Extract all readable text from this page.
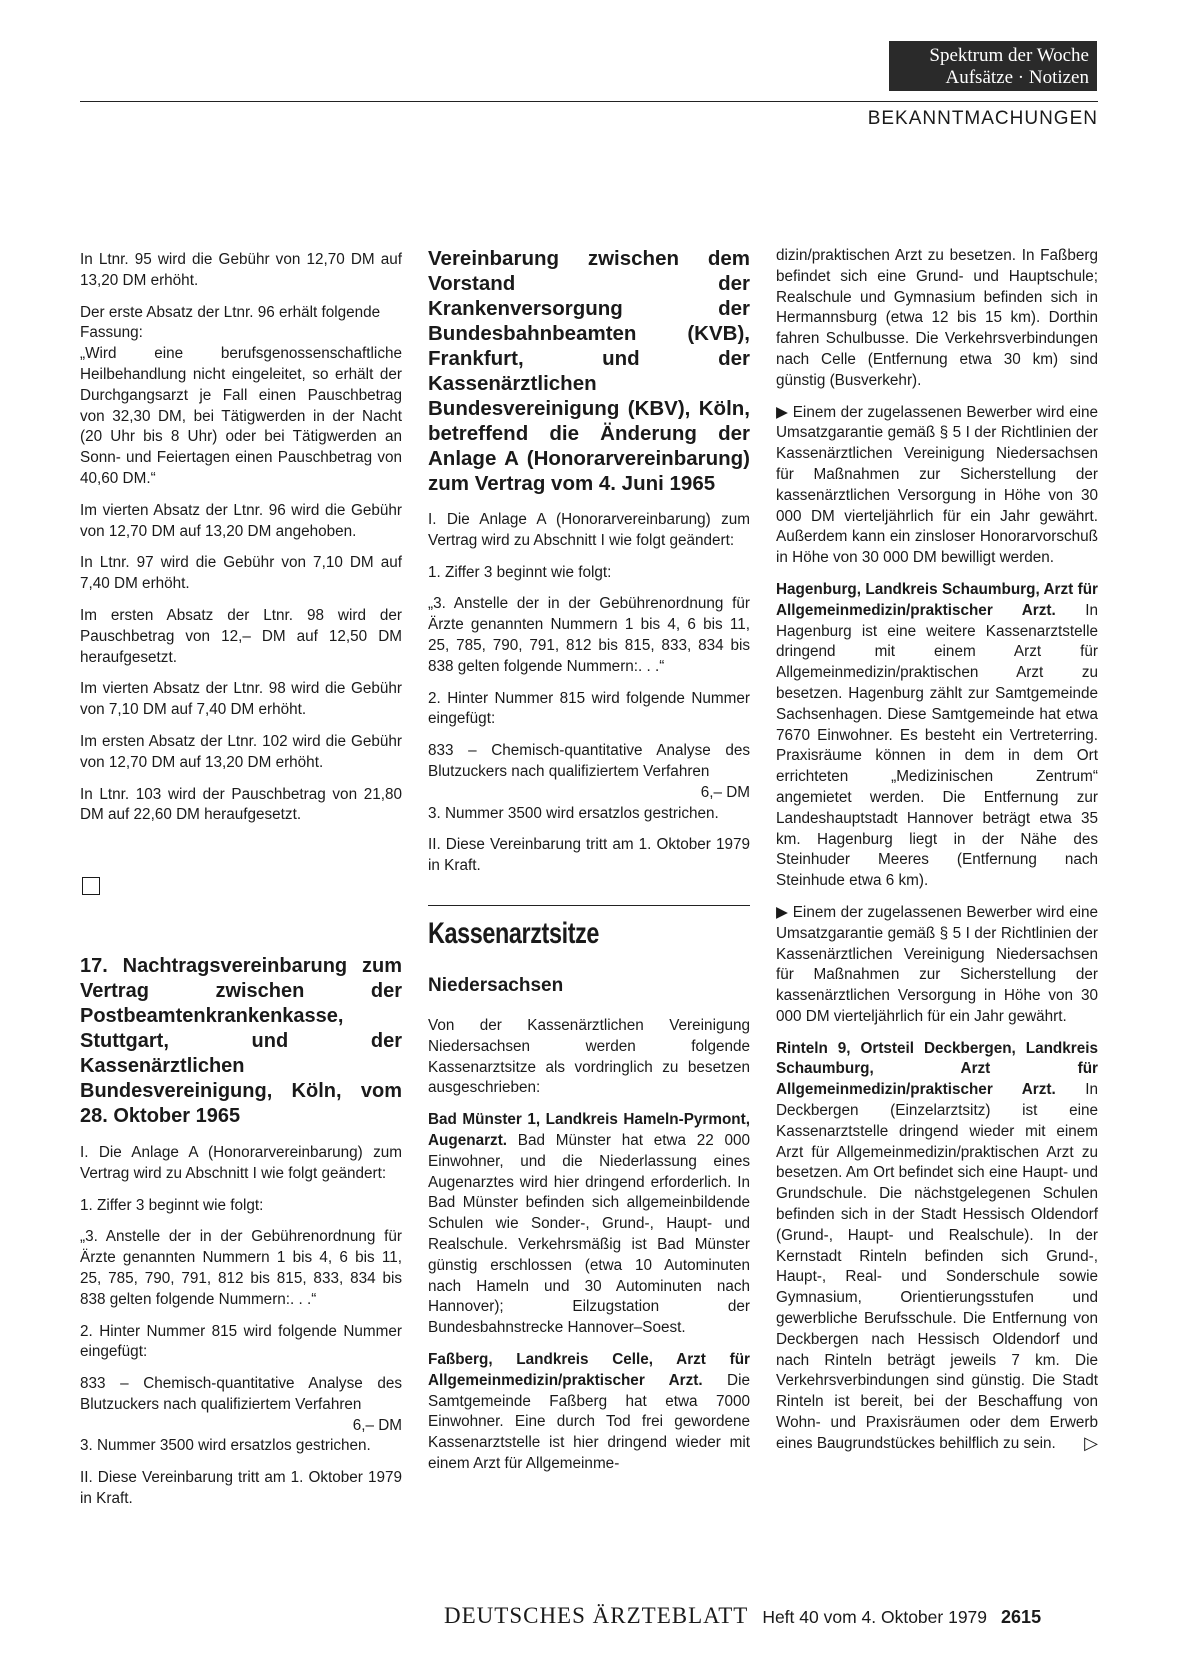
Spektrum der Woche
Aufsätze · Notizen
BEKANNTMACHUNGEN

In Ltnr. 95 wird die Gebühr von 12,70 DM auf 13,20 DM erhöht.

Der erste Absatz der Ltnr. 96 erhält folgende Fassung:

„Wird eine berufsgenossenschaftliche Heilbehandlung nicht eingeleitet, so erhält der Durchgangsarzt je Fall einen Pauschbetrag von 32,30 DM, bei Tätigwerden in der Nacht (20 Uhr bis 8 Uhr) oder bei Tätigwerden an Sonn- und Feiertagen einen Pauschbetrag von 40,60 DM.“

Im vierten Absatz der Ltnr. 96 wird die Gebühr von 12,70 DM auf 13,20 DM angehoben.

In Ltnr. 97 wird die Gebühr von 7,10 DM auf 7,40 DM erhöht.

Im ersten Absatz der Ltnr. 98 wird der Pauschbetrag von 12,– DM auf 12,50 DM heraufgesetzt.

Im vierten Absatz der Ltnr. 98 wird die Gebühr von 7,10 DM auf 7,40 DM erhöht.

Im ersten Absatz der Ltnr. 102 wird die Gebühr von 12,70 DM auf 13,20 DM erhöht.

In Ltnr. 103 wird der Pauschbetrag von 21,80 DM auf 22,60 DM heraufgesetzt.

17. Nachtragsvereinbarung zum Vertrag zwischen der Postbeamtenkrankenkasse, Stuttgart, und der Kassenärztlichen Bundesvereinigung, Köln, vom 28. Oktober 1965

I. Die Anlage A (Honorarvereinbarung) zum Vertrag wird zu Abschnitt I wie folgt geändert:

1. Ziffer 3 beginnt wie folgt:

„3. Anstelle der in der Gebührenordnung für Ärzte genannten Nummern 1 bis 4, 6 bis 11, 25, 785, 790, 791, 812 bis 815, 833, 834 bis 838 gelten folgende Nummern:. . .“

2. Hinter Nummer 815 wird folgende Nummer eingefügt:

833 – Chemisch-quantitative Analyse des Blutzuckers nach qualifiziertem Verfahren
6,– DM

3. Nummer 3500 wird ersatzlos gestrichen.

II. Diese Vereinbarung tritt am 1. Oktober 1979 in Kraft.

Vereinbarung zwischen dem Vorstand der Krankenversorgung der Bundesbahnbeamten (KVB), Frankfurt, und der Kassenärztlichen Bundesvereinigung (KBV), Köln, betreffend die Änderung der Anlage A (Honorarvereinbarung) zum Vertrag vom 4. Juni 1965

I. Die Anlage A (Honorarvereinbarung) zum Vertrag wird zu Abschnitt I wie folgt geändert:

1. Ziffer 3 beginnt wie folgt:

„3. Anstelle der in der Gebührenordnung für Ärzte genannten Nummern 1 bis 4, 6 bis 11, 25, 785, 790, 791, 812 bis 815, 833, 834 bis 838 gelten folgende Nummern:. . .“

2. Hinter Nummer 815 wird folgende Nummer eingefügt:

833 – Chemisch-quantitative Analyse des Blutzuckers nach qualifiziertem Verfahren
6,– DM

3. Nummer 3500 wird ersatzlos gestrichen.

II. Diese Vereinbarung tritt am 1. Oktober 1979 in Kraft.

Kassenarztsitze
Niedersachsen

Von der Kassenärztlichen Vereinigung Niedersachsen werden folgende Kassenarztsitze als vordringlich zu besetzen ausgeschrieben:

Bad Münster 1, Landkreis Hameln-Pyrmont, Augenarzt. Bad Münster hat etwa 22 000 Einwohner, und die Niederlassung eines Augenarztes wird hier dringend erforderlich. In Bad Münster befinden sich allgemeinbildende Schulen wie Sonder-, Grund-, Haupt- und Realschule. Verkehrsmäßig ist Bad Münster günstig erschlossen (etwa 10 Autominuten nach Hameln und 30 Autominuten nach Hannover); Eilzugstation der Bundesbahnstrecke Hannover–Soest.

Faßberg, Landkreis Celle, Arzt für Allgemeinmedizin/praktischer Arzt. Die Samtgemeinde Faßberg hat etwa 7000 Einwohner. Eine durch Tod frei gewordene Kassenarztstelle ist hier dringend wieder mit einem Arzt für Allgemeinme-

dizin/praktischen Arzt zu besetzen. In Faßberg befindet sich eine Grund- und Hauptschule; Realschule und Gymnasium befinden sich in Hermannsburg (etwa 12 bis 15 km). Dorthin fahren Schulbusse. Die Verkehrsverbindungen nach Celle (Entfernung etwa 30 km) sind günstig (Busverkehr).

▶ Einem der zugelassenen Bewerber wird eine Umsatzgarantie gemäß § 5 I der Richtlinien der Kassenärztlichen Vereinigung Niedersachsen für Maßnahmen zur Sicherstellung der kassenärztlichen Versorgung in Höhe von 30 000 DM vierteljährlich für ein Jahr gewährt. Außerdem kann ein zinsloser Honorarvorschuß in Höhe von 30 000 DM bewilligt werden.

Hagenburg, Landkreis Schaumburg, Arzt für Allgemeinmedizin/praktischer Arzt. In Hagenburg ist eine weitere Kassenarztstelle dringend mit einem Arzt für Allgemeinmedizin/praktischen Arzt zu besetzen. Hagenburg zählt zur Samtgemeinde Sachsenhagen. Diese Samtgemeinde hat etwa 7670 Einwohner. Es besteht ein Vertreterring. Praxisräume können in dem in dem Ort errichteten „Medizinischen Zentrum“ angemietet werden. Die Entfernung zur Landeshauptstadt Hannover beträgt etwa 35 km. Hagenburg liegt in der Nähe des Steinhuder Meeres (Entfernung nach Steinhude etwa 6 km).

▶ Einem der zugelassenen Bewerber wird eine Umsatzgarantie gemäß § 5 I der Richtlinien der Kassenärztlichen Vereinigung Niedersachsen für Maßnahmen zur Sicherstellung der kassenärztlichen Versorgung in Höhe von 30 000 DM vierteljährlich für ein Jahr gewährt.

Rinteln 9, Ortsteil Deckbergen, Landkreis Schaumburg, Arzt für Allgemeinmedizin/praktischer Arzt. In Deckbergen (Einzelarztsitz) ist eine Kassenarztstelle dringend wieder mit einem Arzt für Allgemeinmedizin/praktischen Arzt zu besetzen. Am Ort befindet sich eine Haupt- und Grundschule. Die nächstgelegenen Schulen befinden sich in der Stadt Hessisch Oldendorf (Grund-, Haupt- und Realschule). In der Kernstadt Rinteln befinden sich Grund-, Haupt-, Real- und Sonderschule sowie Gymnasium, Orientierungsstufen und gewerbliche Berufsschule. Die Entfernung von Deckbergen nach Hessisch Oldendorf und nach Rinteln beträgt jeweils 7 km. Die Verkehrsverbindungen sind günstig. Die Stadt Rinteln ist bereit, bei der Beschaffung von Wohn- und Praxisräumen oder dem Erwerb eines Baugrundstückes behilflich zu sein. ▷

DEUTSCHES ÄRZTEBLATT Heft 40 vom 4. Oktober 1979 2615
